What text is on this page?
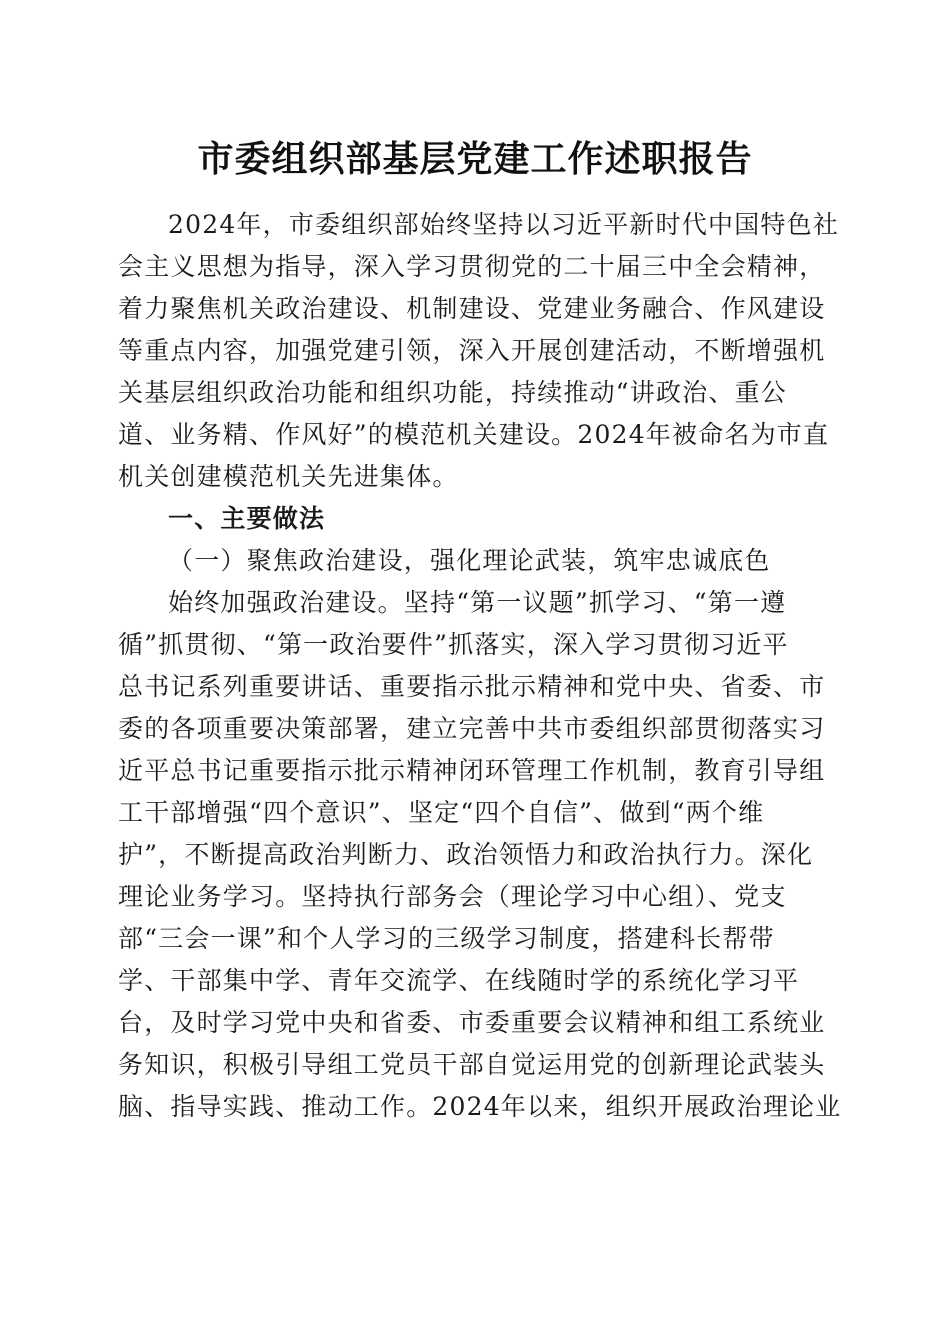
市委组织部基层党建工作述职报告
2024年，市委组织部始终坚持以习近平新时代中国特色社
会主义思想为指导，深入学习贯彻党的二十届三中全会精神，
着力聚焦机关政治建设、机制建设、党建业务融合、作风建设
等重点内容，加强党建引领，深入开展创建活动，不断增强机
关基层组织政治功能和组织功能，持续推动“讲政治、重公
道、业务精、作风好”的模范机关建设。2024年被命名为市直
机关创建模范机关先进集体。
一、主要做法
（一）聚焦政治建设，强化理论武装，筑牢忠诚底色
始终加强政治建设。坚持“第一议题”抓学习、“第一遵
循”抓贯彻、“第一政治要件”抓落实，深入学习贯彻习近平
总书记系列重要讲话、重要指示批示精神和党中央、省委、市
委的各项重要决策部署，建立完善中共市委组织部贯彻落实习
近平总书记重要指示批示精神闭环管理工作机制，教育引导组
工干部增强“四个意识”、坚定“四个自信”、做到“两个维
护”，不断提高政治判断力、政治领悟力和政治执行力。深化
理论业务学习。坚持执行部务会（理论学习中心组）、党支
部“三会一课”和个人学习的三级学习制度，搭建科长帮带
学、干部集中学、青年交流学、在线随时学的系统化学习平
台，及时学习党中央和省委、市委重要会议精神和组工系统业
务知识，积极引导组工党员干部自觉运用党的创新理论武装头
脑、指导实践、推动工作。2024年以来，组织开展政治理论业
